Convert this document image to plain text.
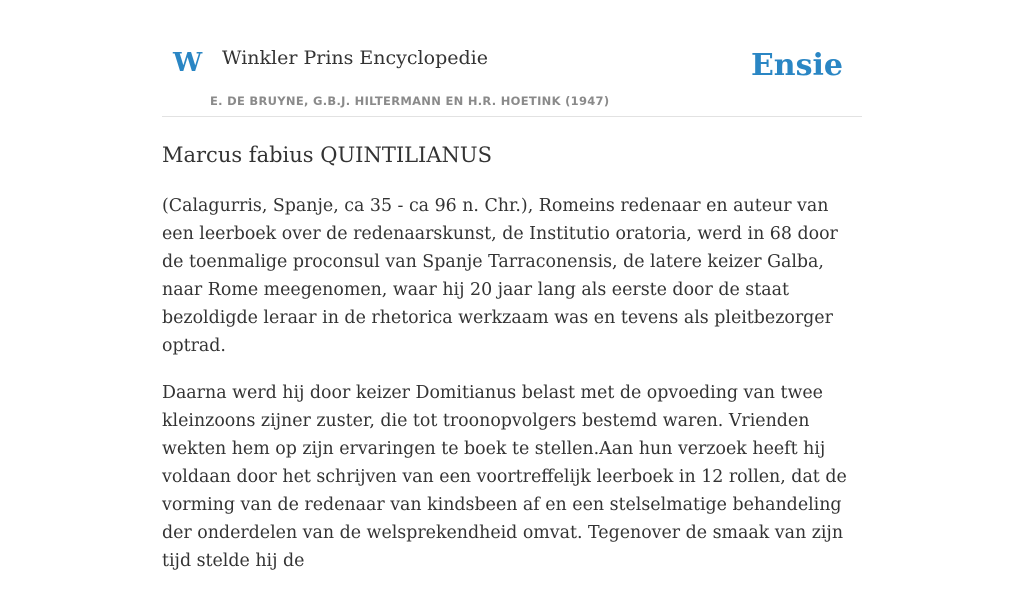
W Winkler Prins Encyclopedie
E. DE BRUYNE, G.B.J. HILTERMANN EN H.R. HOETINK (1947)
Ensie
Marcus fabius QUINTILIANUS

(Calagurris, Spanje, ca 35 - ca 96 n. Chr.), Romeins redenaar en auteur van een leerboek over de redenaarskunst, de Institutio oratoria, werd in 68 door de toenmalige proconsul van Spanje Tarraconensis, de latere keizer Galba, naar Rome meegenomen, waar hij 20 jaar lang als eerste door de staat bezoldigde leraar in de rhetorica werkzaam was en tevens als pleitbezorger optrad.

Daarna werd hij door keizer Domitianus belast met de opvoeding van twee kleinzoons zijner zuster, die tot troonopvolgers bestemd waren. Vrienden wekten hem op zijn ervaringen te boek te stellen.Aan hun verzoek heeft hij voldaan door het schrijven van een voortreffelijk leerboek in 12 rollen, dat de vorming van de redenaar van kindsbeen af en een stelselmatige behandeling der onderdelen van de welsprekendheid omvat. Tegenover de smaak van zijn tijd stelde hij de
